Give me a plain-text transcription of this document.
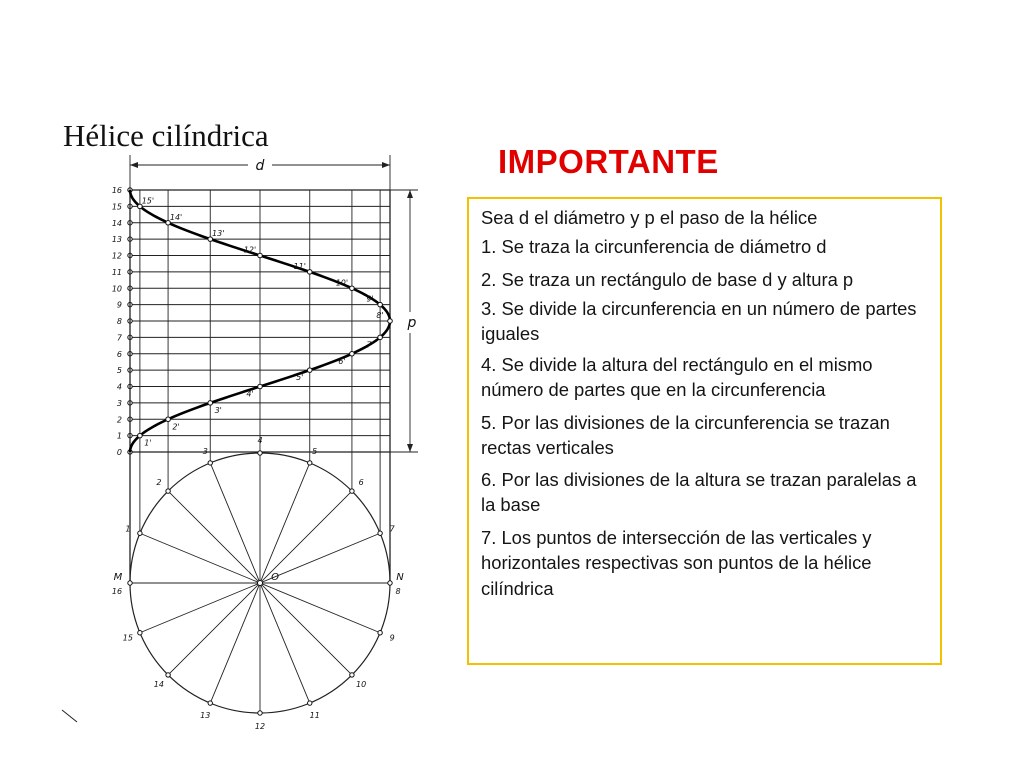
Hélice cilíndrica
IMPORTANTE
d
p
0
1
2
3
4
5
6
7
8
9
10
11
12
13
14
15
16
1'
2'
3'
4'
5'
6'
7'
8'
9'
10'
11'
12'
13'
14'
15'
1
2
3
4
5
6
7
9
10
11
12
13
14
15
O
M
16
N
8

Sea d el diámetro y p el paso de la hélice

1. Se traza la circunferencia de diámetro d

2. Se traza un rectángulo de base d y altura p

3. Se divide la circunferencia en un número de partes iguales

4. Se divide la altura del rectángulo en el mismo número de partes que en la circunferencia

5. Por las divisiones de la circunferencia se trazan rectas verticales

6. Por las divisiones de la altura se trazan paralelas a la base

7. Los puntos de intersección de las verticales y horizontales respectivas son puntos de la hélice cilíndrica
